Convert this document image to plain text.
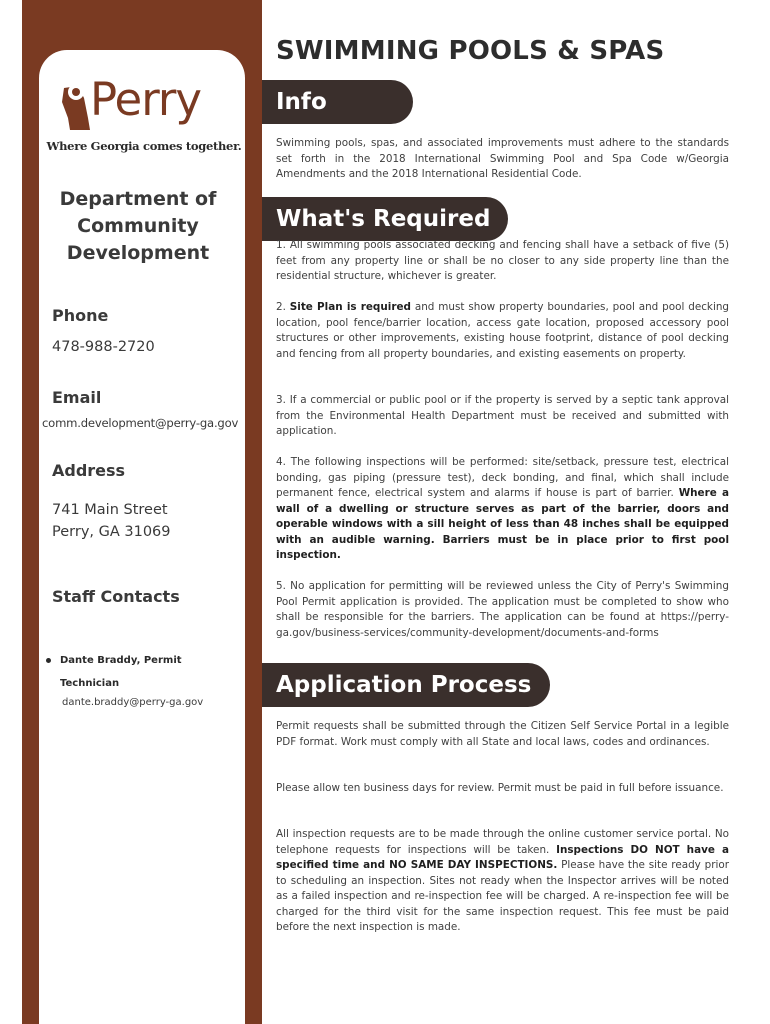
Perry
Where Georgia comes together.
Department of Community Development
Phone
478-988-2720
Email
comm.development@perry-ga.gov
Address
741 Main Street
Perry, GA 31069
Staff Contacts
Dante Braddy, Permit
Technician
dante.braddy@perry-ga.gov
SWIMMING POOLS & SPAS
Info
Swimming pools, spas, and associated improvements must adhere to the standards set forth in the 2018 International Swimming Pool and Spa Code w/Georgia Amendments and the 2018 International Residential Code.
What's Required
1. All swimming pools associated decking and fencing shall have a setback of five (5) feet from any property line or shall be no closer to any side property line than the residential structure, whichever is greater.
2. Site Plan is required and must show property boundaries, pool and pool decking location, pool fence/barrier location, access gate location, proposed accessory pool structures or other improvements, existing house footprint, distance of pool decking and fencing from all property boundaries, and existing easements on property.
3. If a commercial or public pool or if the property is served by a septic tank approval from the Environmental Health Department must be received and submitted with application.
4. The following inspections will be performed: site/setback, pressure test, electrical bonding, gas piping (pressure test), deck bonding, and final, which shall include permanent fence, electrical system and alarms if house is part of barrier. Where a wall of a dwelling or structure serves as part of the barrier, doors and operable windows with a sill height of less than 48 inches shall be equipped with an audible warning. Barriers must be in place prior to first pool inspection.
5. No application for permitting will be reviewed unless the City of Perry's Swimming Pool Permit application is provided. The application must be completed to show who shall be responsible for the barriers. The application can be found at https://perry-ga.gov/business-services/community-development/documents-and-forms
Application Process
Permit requests shall be submitted through the Citizen Self Service Portal in a legible PDF format. Work must comply with all State and local laws, codes and ordinances.
Please allow ten business days for review. Permit must be paid in full before issuance.
All inspection requests are to be made through the online customer service portal. No telephone requests for inspections will be taken. Inspections DO NOT have a specified time and NO SAME DAY INSPECTIONS. Please have the site ready prior to scheduling an inspection. Sites not ready when the Inspector arrives will be noted as a failed inspection and re-inspection fee will be charged. A re-inspection fee will be charged for the third visit for the same inspection request. This fee must be paid before the next inspection is made.
